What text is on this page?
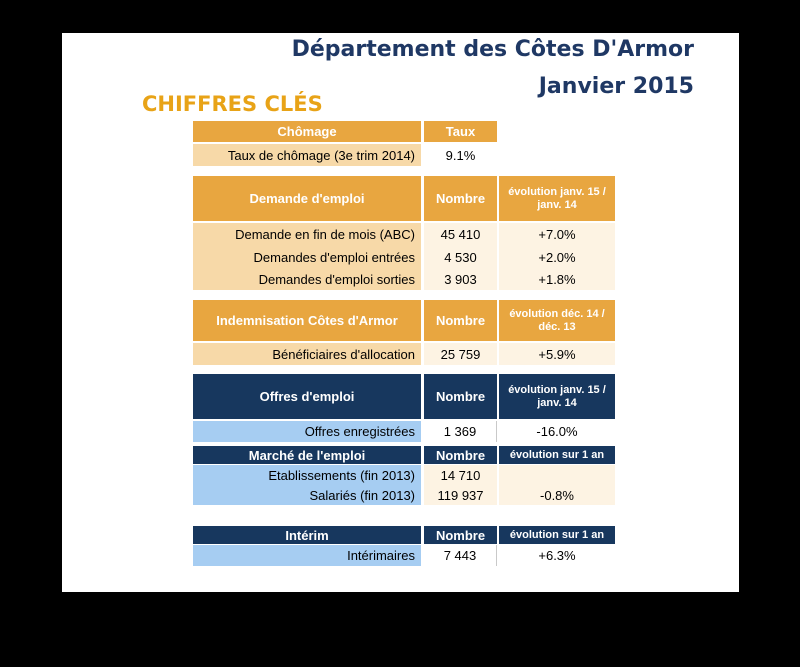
Département des Côtes D'Armor
Janvier 2015
CHIFFRES CLÉS
Chômage	Taux
Taux de chômage (3e trim 2014)	9.1%
Demande d'emploi	Nombre	évolution janv. 15 / janv. 14
Demande en fin de mois (ABC)	45 410	+7.0%
Demandes d'emploi entrées	4 530	+2.0%
Demandes d'emploi sorties	3 903	+1.8%
Indemnisation Côtes d'Armor	Nombre	évolution déc. 14 / déc. 13
Bénéficiaires d'allocation	25 759	+5.9%
Offres d'emploi	Nombre	évolution janv. 15 / janv. 14
Offres enregistrées	1 369	-16.0%
Marché de l'emploi	Nombre	évolution sur 1 an
Etablissements (fin 2013)	14 710
Salariés (fin 2013)	119 937	-0.8%
Intérim	Nombre	évolution sur 1 an
Intérimaires	7 443	+6.3%
